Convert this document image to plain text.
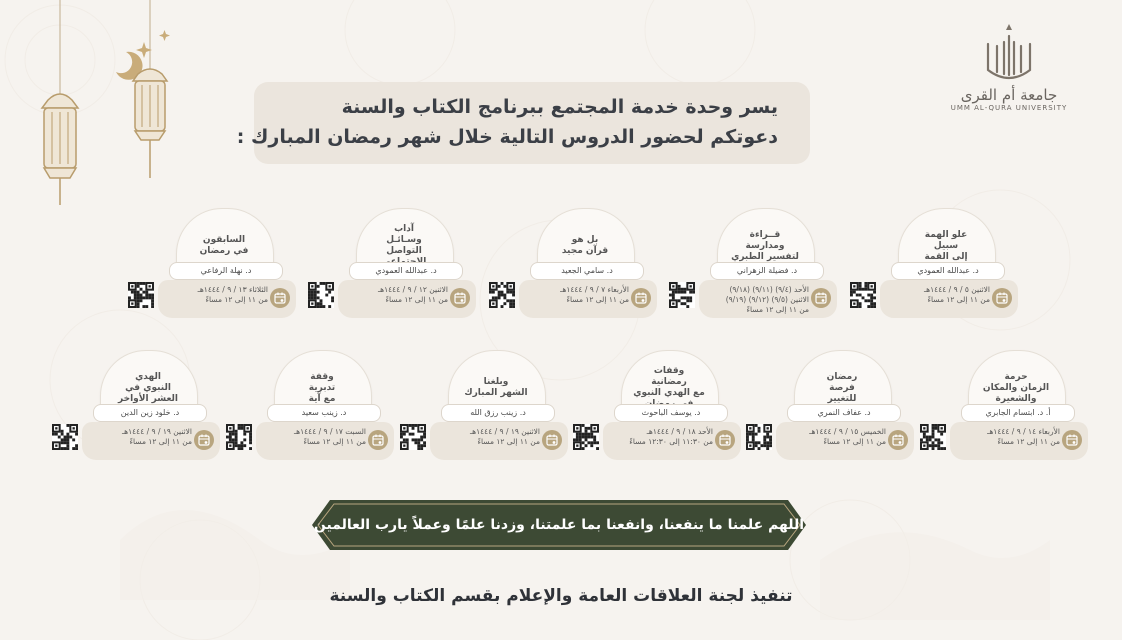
جامعة أم القرى
UMM AL-QURA UNIVERSITY
يسر وحدة خدمة المجتمع ببرنامج الكتاب والسنة
دعوتكم لحضور الدروس التالية خلال شهر رمضان المبارك :
علو الهمة
سبيل
إلى القمة
د. عبدالله العمودي
الاثنين ٥ / ٩ / ١٤٤٤هـ
من ١١ إلى ١٢ مساءً
قــراءة
ومدارسة
لتفسير الطبري
د. فضيلة الزهراني
الأحد (٩/٤) (٩/١١) (٩/١٨)
الاثنين (٩/٥) (٩/١٢) (٩/١٩)
من ١١ إلى ١٢ مساءً
بل هو
قرآن مجيد
د. سامي الجعيد
الأربعاء ٧ / ٩ / ١٤٤٤هـ
من ١١ إلى ١٢ مساءً
آداب
وسـائـل
التواصل

د. عبدالله العمودي
الاثنين ١٢ / ٩ / ١٤٤٤هـ
من ١١ إلى ١٢ مساءً
السابقون
في رمضان
د. نهلة الرفاعي
الثلاثاء ١٣ / ٩ / ١٤٤٤هـ
من ١١ إلى ١٢ مساءً
حرمة
الزمان والمكان
والشعيرة
أ. د. ابتسام الجابري
الأربعاء ١٤ / ٩ / ١٤٤٤هـ
من ١١ إلى ١٢ مساءً
رمضان
فرصة
للتغيير
د. عفاف النمري
الخميس ١٥ / ٩ / ١٤٤٤هـ
من ١١ إلى ١٢ مساءً
وقفات
رمضانية
مع الهدي النبوي

د. يوسف الباحوث
الأحد ١٨ / ٩ / ١٤٤٤هـ
من ١١:٣٠ إلى ١٢:٣٠ مساءً
وبلغنا
الشهر المبارك
د. زينب رزق الله
الاثنين ١٩ / ٩ / ١٤٤٤هـ
من ١١ إلى ١٢ مساءً
وقفة
تدبرية
مع آية
د. زينب سعيد
السبت ١٧ / ٩ / ١٤٤٤هـ
من ١١ إلى ١٢ مساءً
الهدي
النبوي في
العشر الأواخر
د. خلود زين الدين
الاثنين ١٩ / ٩ / ١٤٤٤هـ
من ١١ إلى ١٢ مساءً
اللهم علمنا ما ينفعنا، وانفعنا بما علمتنا، وزدنا علمًا وعملاً يارب العالمين
تنفيذ لجنة العلاقات العامة والإعلام بقسم الكتاب والسنة
